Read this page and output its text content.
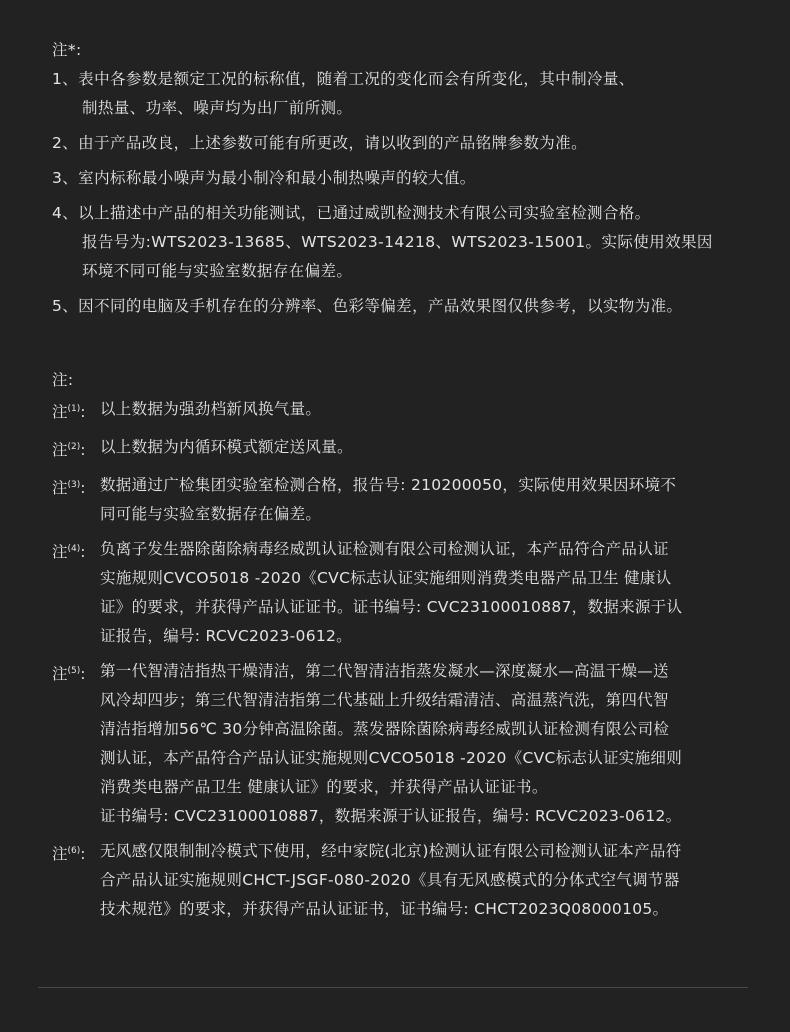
注*:
1、表中各参数是额定工况的标称值，随着工况的变化而会有所变化，其中制冷量、
制热量、功率、噪声均为出厂前所测。
2、由于产品改良，上述参数可能有所更改，请以收到的产品铭牌参数为准。
3、室内标称最小噪声为最小制冷和最小制热噪声的较大值。
4、以上描述中产品的相关功能测试，已通过威凯检测技术有限公司实验室检测合格。
报告号为:WTS2023-13685、WTS2023-14218、WTS2023-15001。实际使用效果因
环境不同可能与实验室数据存在偏差。
5、因不同的电脑及手机存在的分辨率、色彩等偏差，产品效果图仅供参考，以实物为准。
注:
注$^{(1)}$: 以上数据为强劲档新风换气量。
注$^{(2)}$: 以上数据为内循环模式额定送风量。
注$^{(3)}$: 数据通过广检集团实验室检测合格，报告号: 210200050，实际使用效果因环境不
同可能与实验室数据存在偏差。
注$^{(4)}$: 负离子发生器除菌除病毒经威凯认证检测有限公司检测认证，本产品符合产品认证
实施规则CVCO5018 -2020《CVC标志认证实施细则消费类电器产品卫生 健康认
证》的要求，并获得产品认证证书。证书编号: CVC23100010887，数据来源于认
证报告，编号: RCVC2023-0612。
注$^{(5)}$: 第一代智清洁指热干燥清洁，第二代智清洁指蒸发凝水—深度凝水—高温干燥—送
风冷却四步；第三代智清洁指第二代基础上升级结霜清洁、高温蒸汽洗，第四代智
清洁指增加56℃ 30分钟高温除菌。蒸发器除菌除病毒经威凯认证检测有限公司检
测认证，本产品符合产品认证实施规则CVCO5018 -2020《CVC标志认证实施细则
消费类电器产品卫生 健康认证》的要求，并获得产品认证证书。
证书编号: CVC23100010887，数据来源于认证报告，编号: RCVC2023-0612。
注$^{(6)}$: 无风感仅限制制冷模式下使用，经中家院(北京)检测认证有限公司检测认证本产品符
合产品认证实施规则CHCT-JSGF-080-2020《具有无风感模式的分体式空气调节器
技术规范》的要求，并获得产品认证证书，证书编号: CHCT2023Q08000105。
